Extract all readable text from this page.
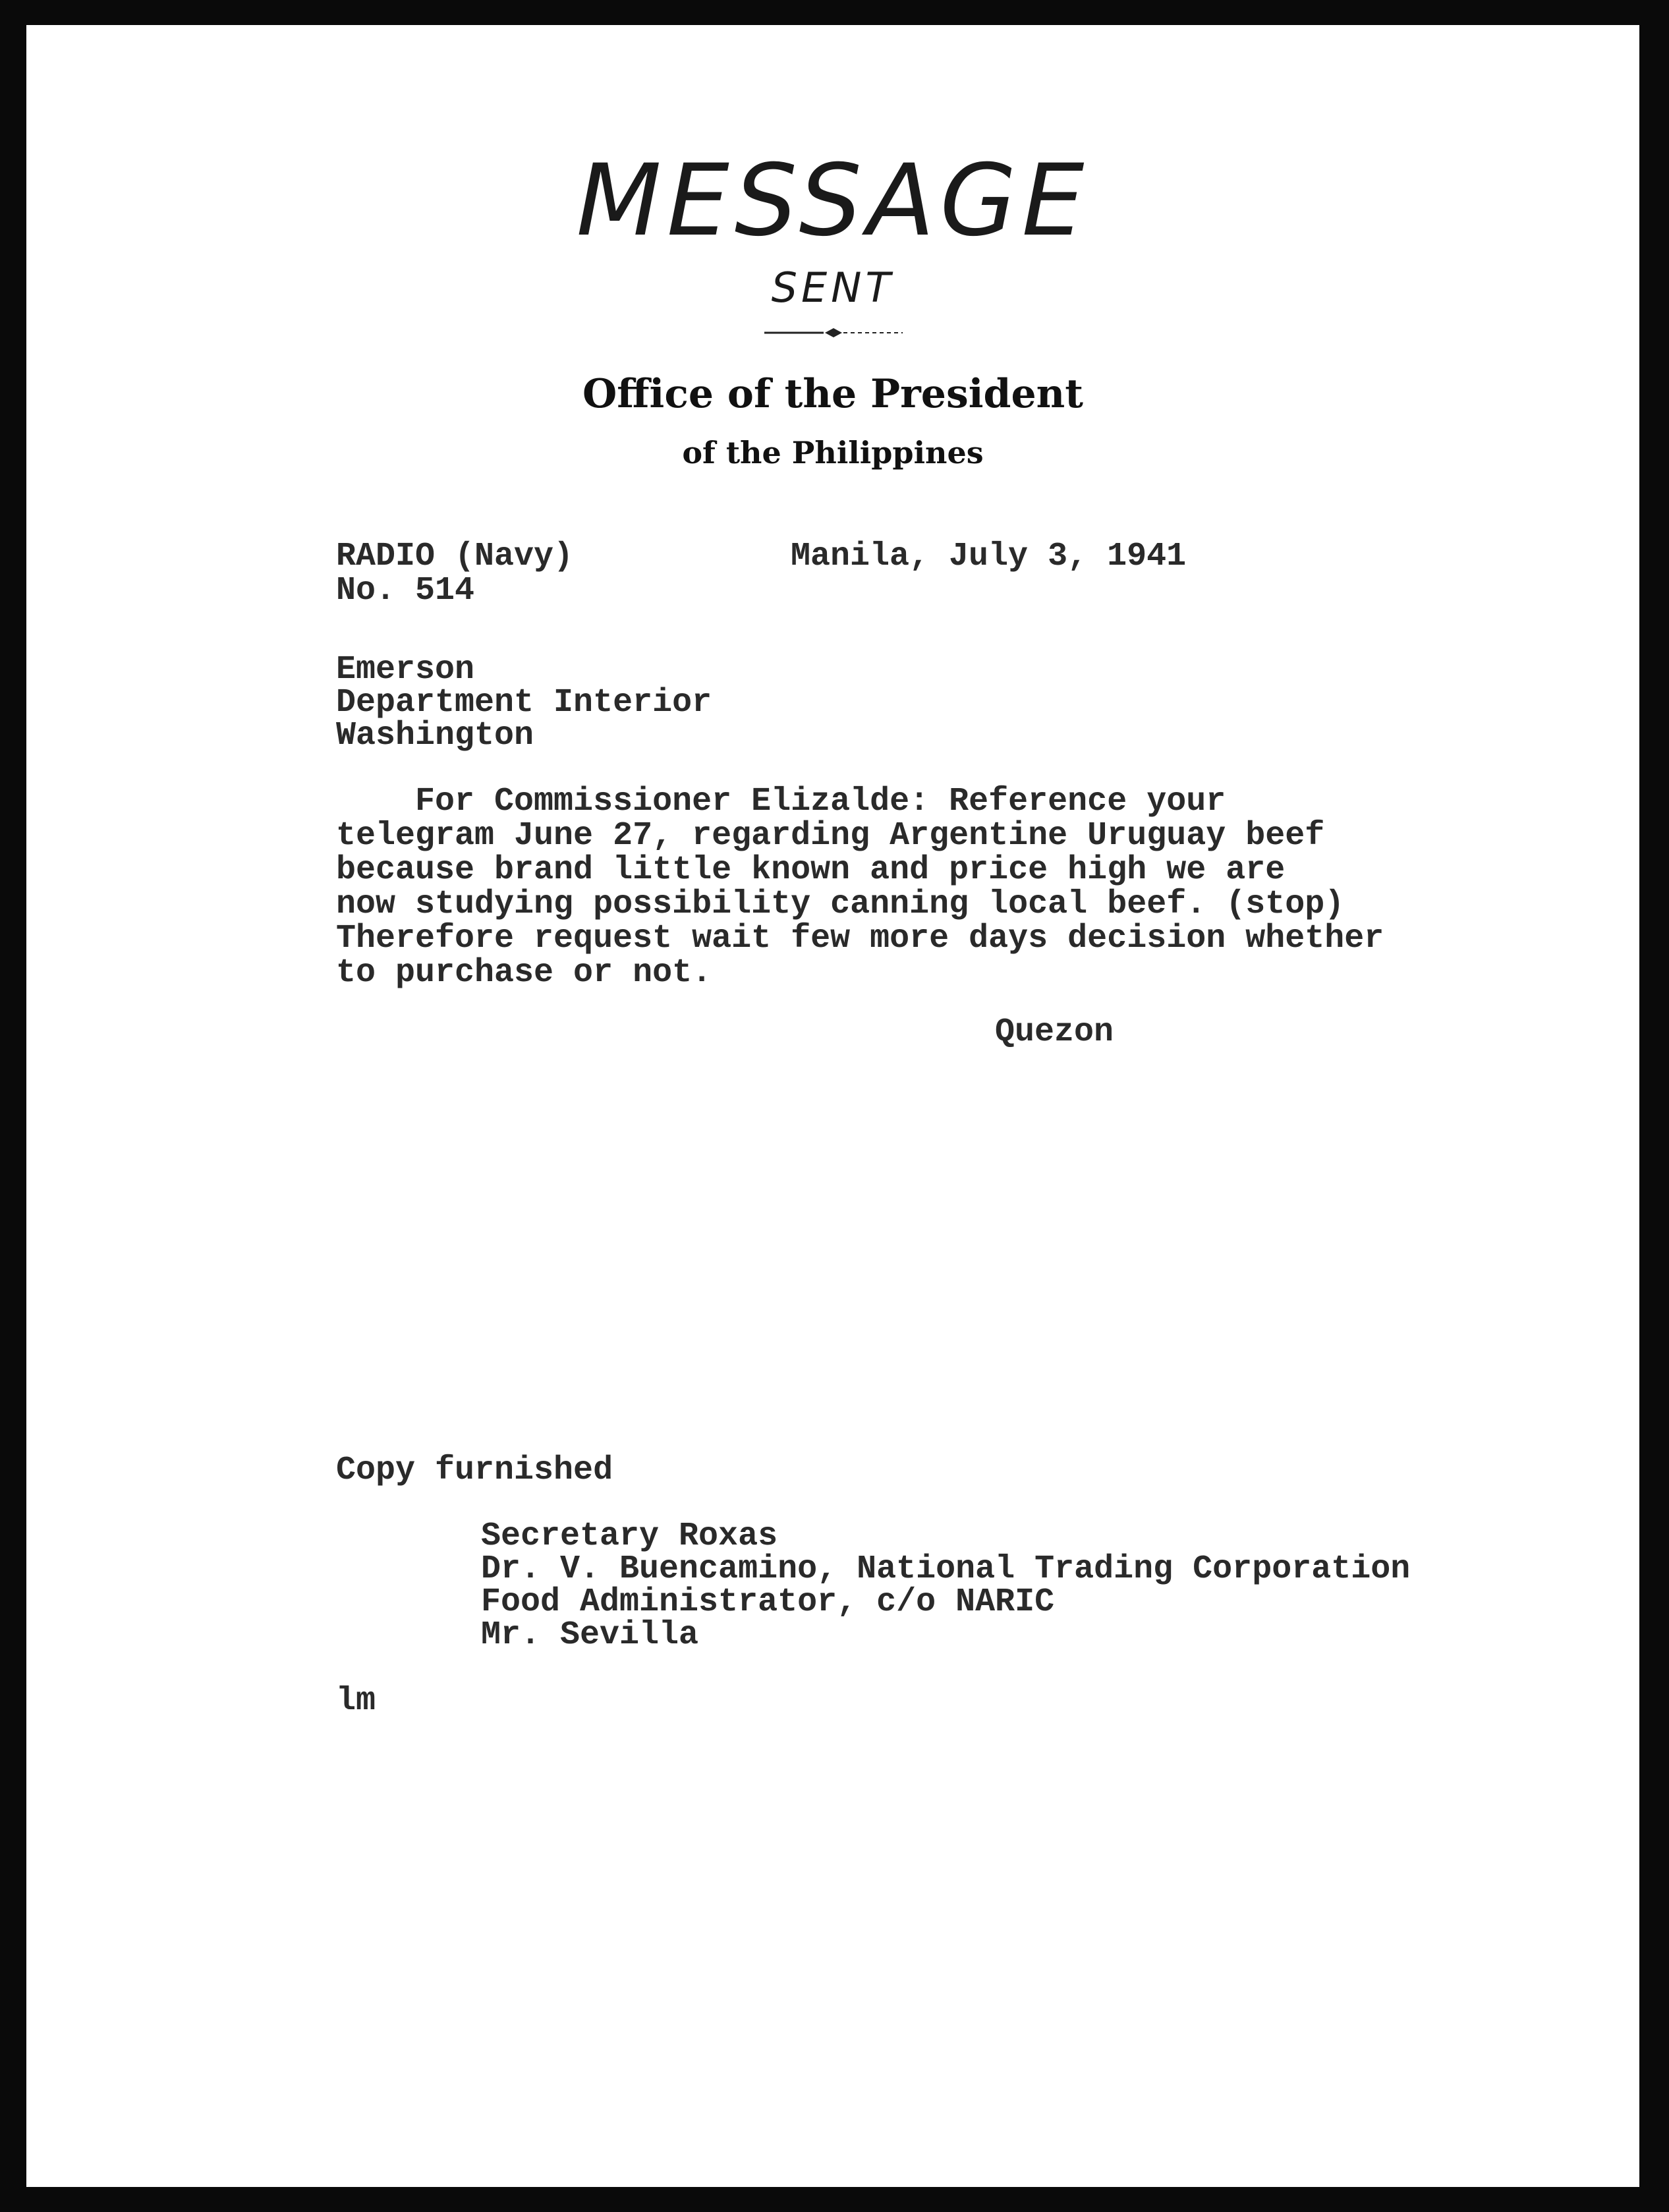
MESSAGE
SENT
Office of the President
of the Philippines
RADIO (Navy)
No. 514
Manila, July 3, 1941
Emerson
Department Interior
Washington
For Commissioner Elizalde: Reference your
telegram June 27, regarding Argentine Uruguay beef
because brand little known and price high we are
now studying possibility canning local beef. (stop)
Therefore request wait few more days decision whether
to purchase or not.
Quezon
Copy furnished
Secretary Roxas
Dr. V. Buencamino, National Trading Corporation
Food Administrator, c/o NARIC
Mr. Sevilla
lm
